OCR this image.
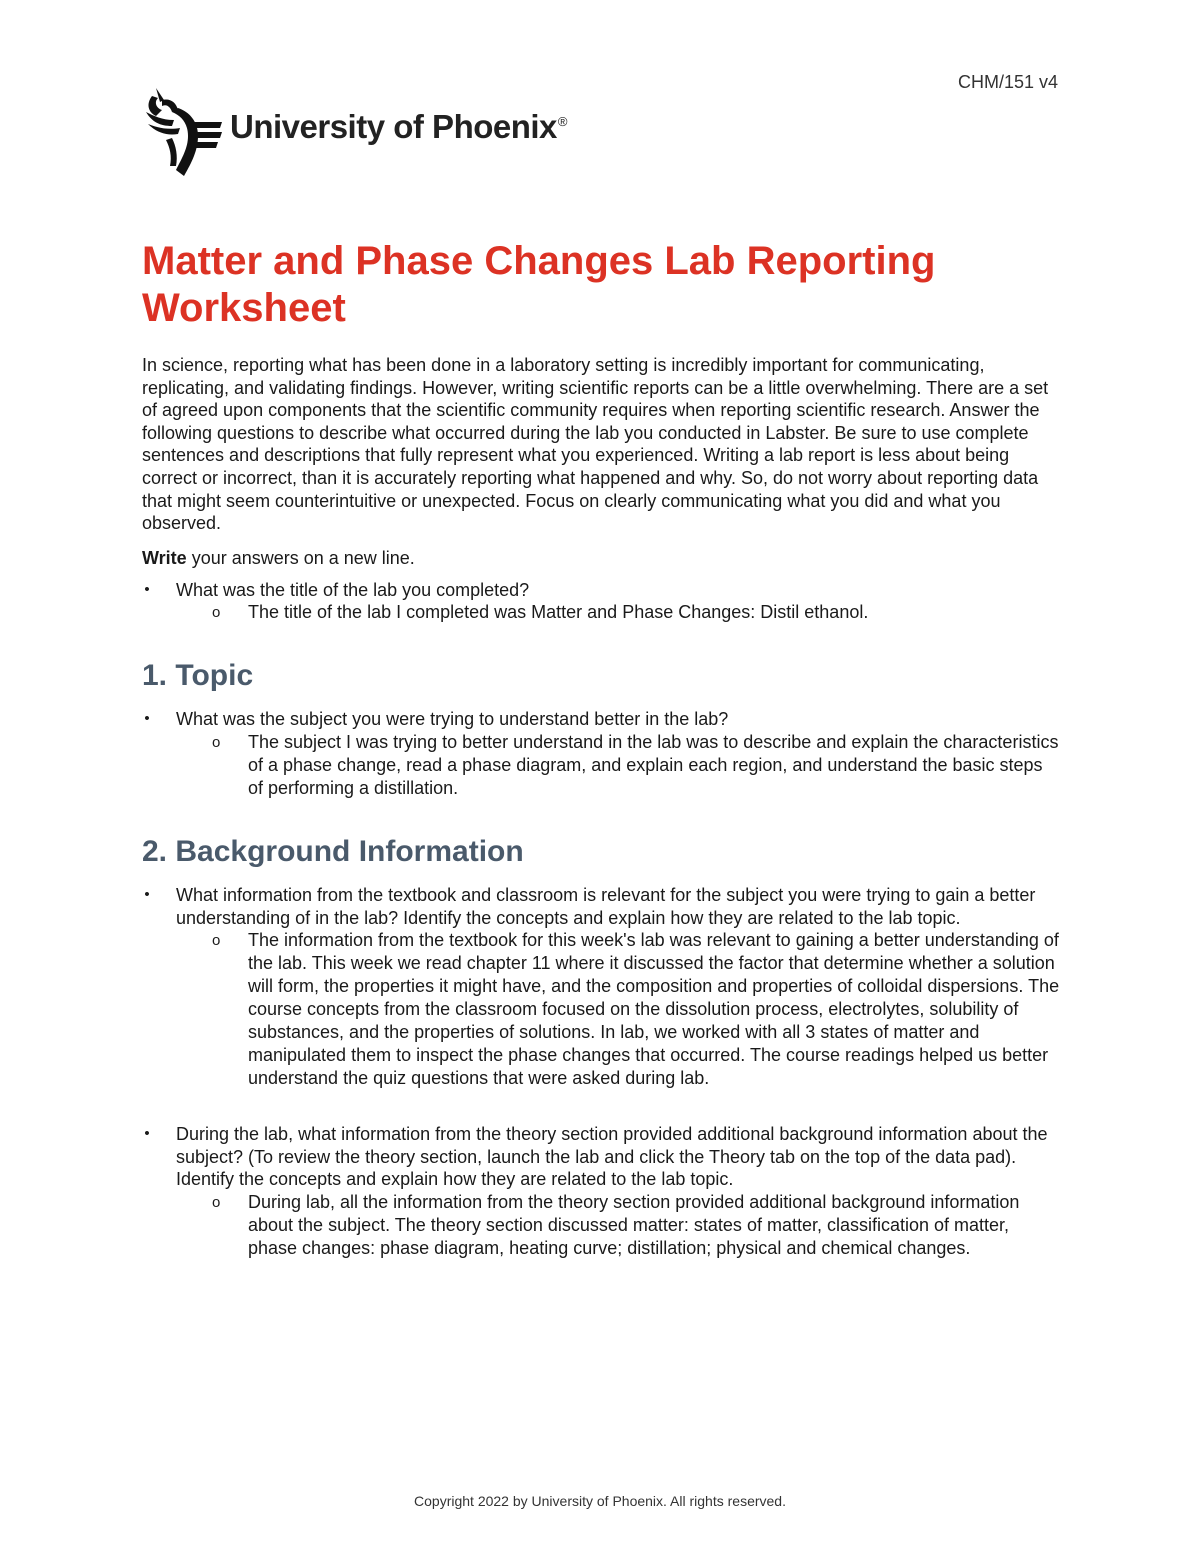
CHM/151 v4
University of Phoenix®
Matter and Phase Changes Lab Reporting Worksheet

In science, reporting what has been done in a laboratory setting is incredibly important for communicating, replicating, and validating findings. However, writing scientific reports can be a little overwhelming. There are a set of agreed upon components that the scientific community requires when reporting scientific research. Answer the following questions to describe what occurred during the lab you conducted in Labster. Be sure to use complete sentences and descriptions that fully represent what you experienced. Writing a lab report is less about being correct or incorrect, than it is accurately reporting what happened and why. So, do not worry about reporting data that might seem counterintuitive or unexpected. Focus on clearly communicating what you did and what you observed.

Write your answers on a new line.

• What was the title of the lab you completed?
o The title of the lab I completed was Matter and Phase Changes: Distil ethanol.
1. Topic
• What was the subject you were trying to understand better in the lab?
o The subject I was trying to better understand in the lab was to describe and explain the characteristics of a phase change, read a phase diagram, and explain each region, and understand the basic steps of performing a distillation.
2. Background Information
• What information from the textbook and classroom is relevant for the subject you were trying to gain a better understanding of in the lab? Identify the concepts and explain how they are related to the lab topic.
o The information from the textbook for this week's lab was relevant to gaining a better understanding of the lab. This week we read chapter 11 where it discussed the factor that determine whether a solution will form, the properties it might have, and the composition and properties of colloidal dispersions. The course concepts from the classroom focused on the dissolution process, electrolytes, solubility of substances, and the properties of solutions. In lab, we worked with all 3 states of matter and manipulated them to inspect the phase changes that occurred. The course readings helped us better understand the quiz questions that were asked during lab.
• During the lab, what information from the theory section provided additional background information about the subject? (To review the theory section, launch the lab and click the Theory tab on the top of the data pad). Identify the concepts and explain how they are related to the lab topic.
o During lab, all the information from the theory section provided additional background information about the subject. The theory section discussed matter: states of matter, classification of matter, phase changes: phase diagram, heating curve; distillation; physical and chemical changes.
Copyright 2022 by University of Phoenix. All rights reserved.
